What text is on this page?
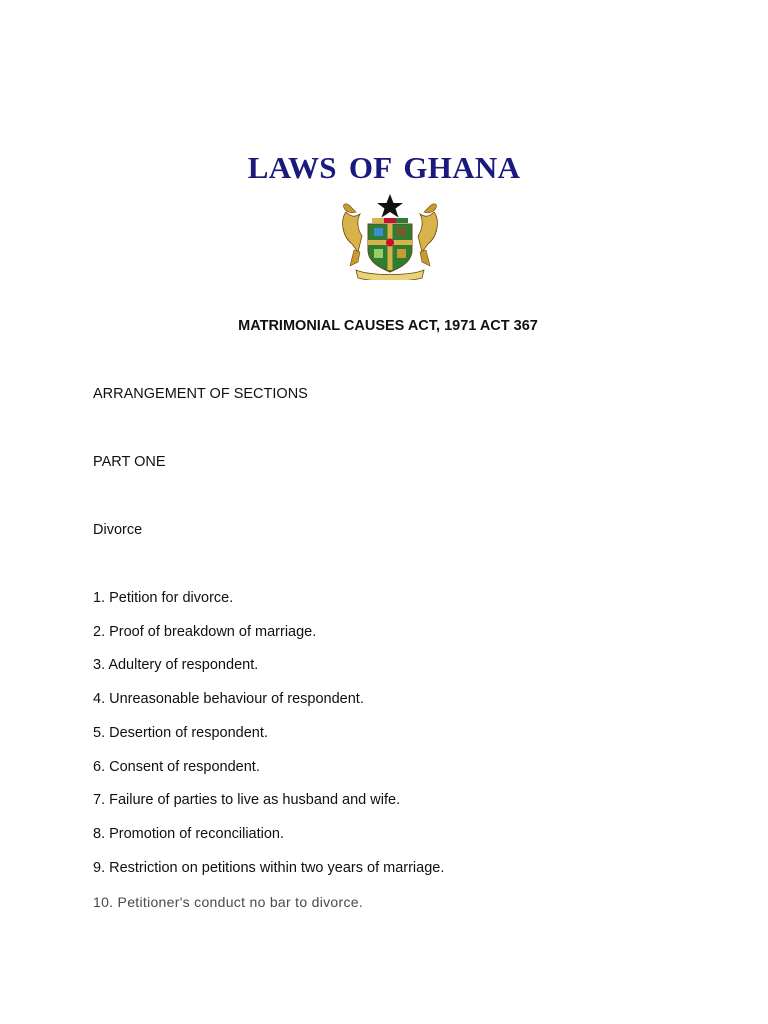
LAWS OF GHANA
MATRIMONIAL CAUSES ACT, 1971 ACT 367
ARRANGEMENT OF SECTIONS
PART ONE
Divorce
1. Petition for divorce.
2. Proof of breakdown of marriage.
3. Adultery of respondent.
4. Unreasonable behaviour of respondent.
5. Desertion of respondent.
6. Consent of respondent.
7. Failure of parties to live as husband and wife.
8. Promotion of reconciliation.
9. Restriction on petitions within two years of marriage.
10. Petitioner's conduct no bar to divorce.
